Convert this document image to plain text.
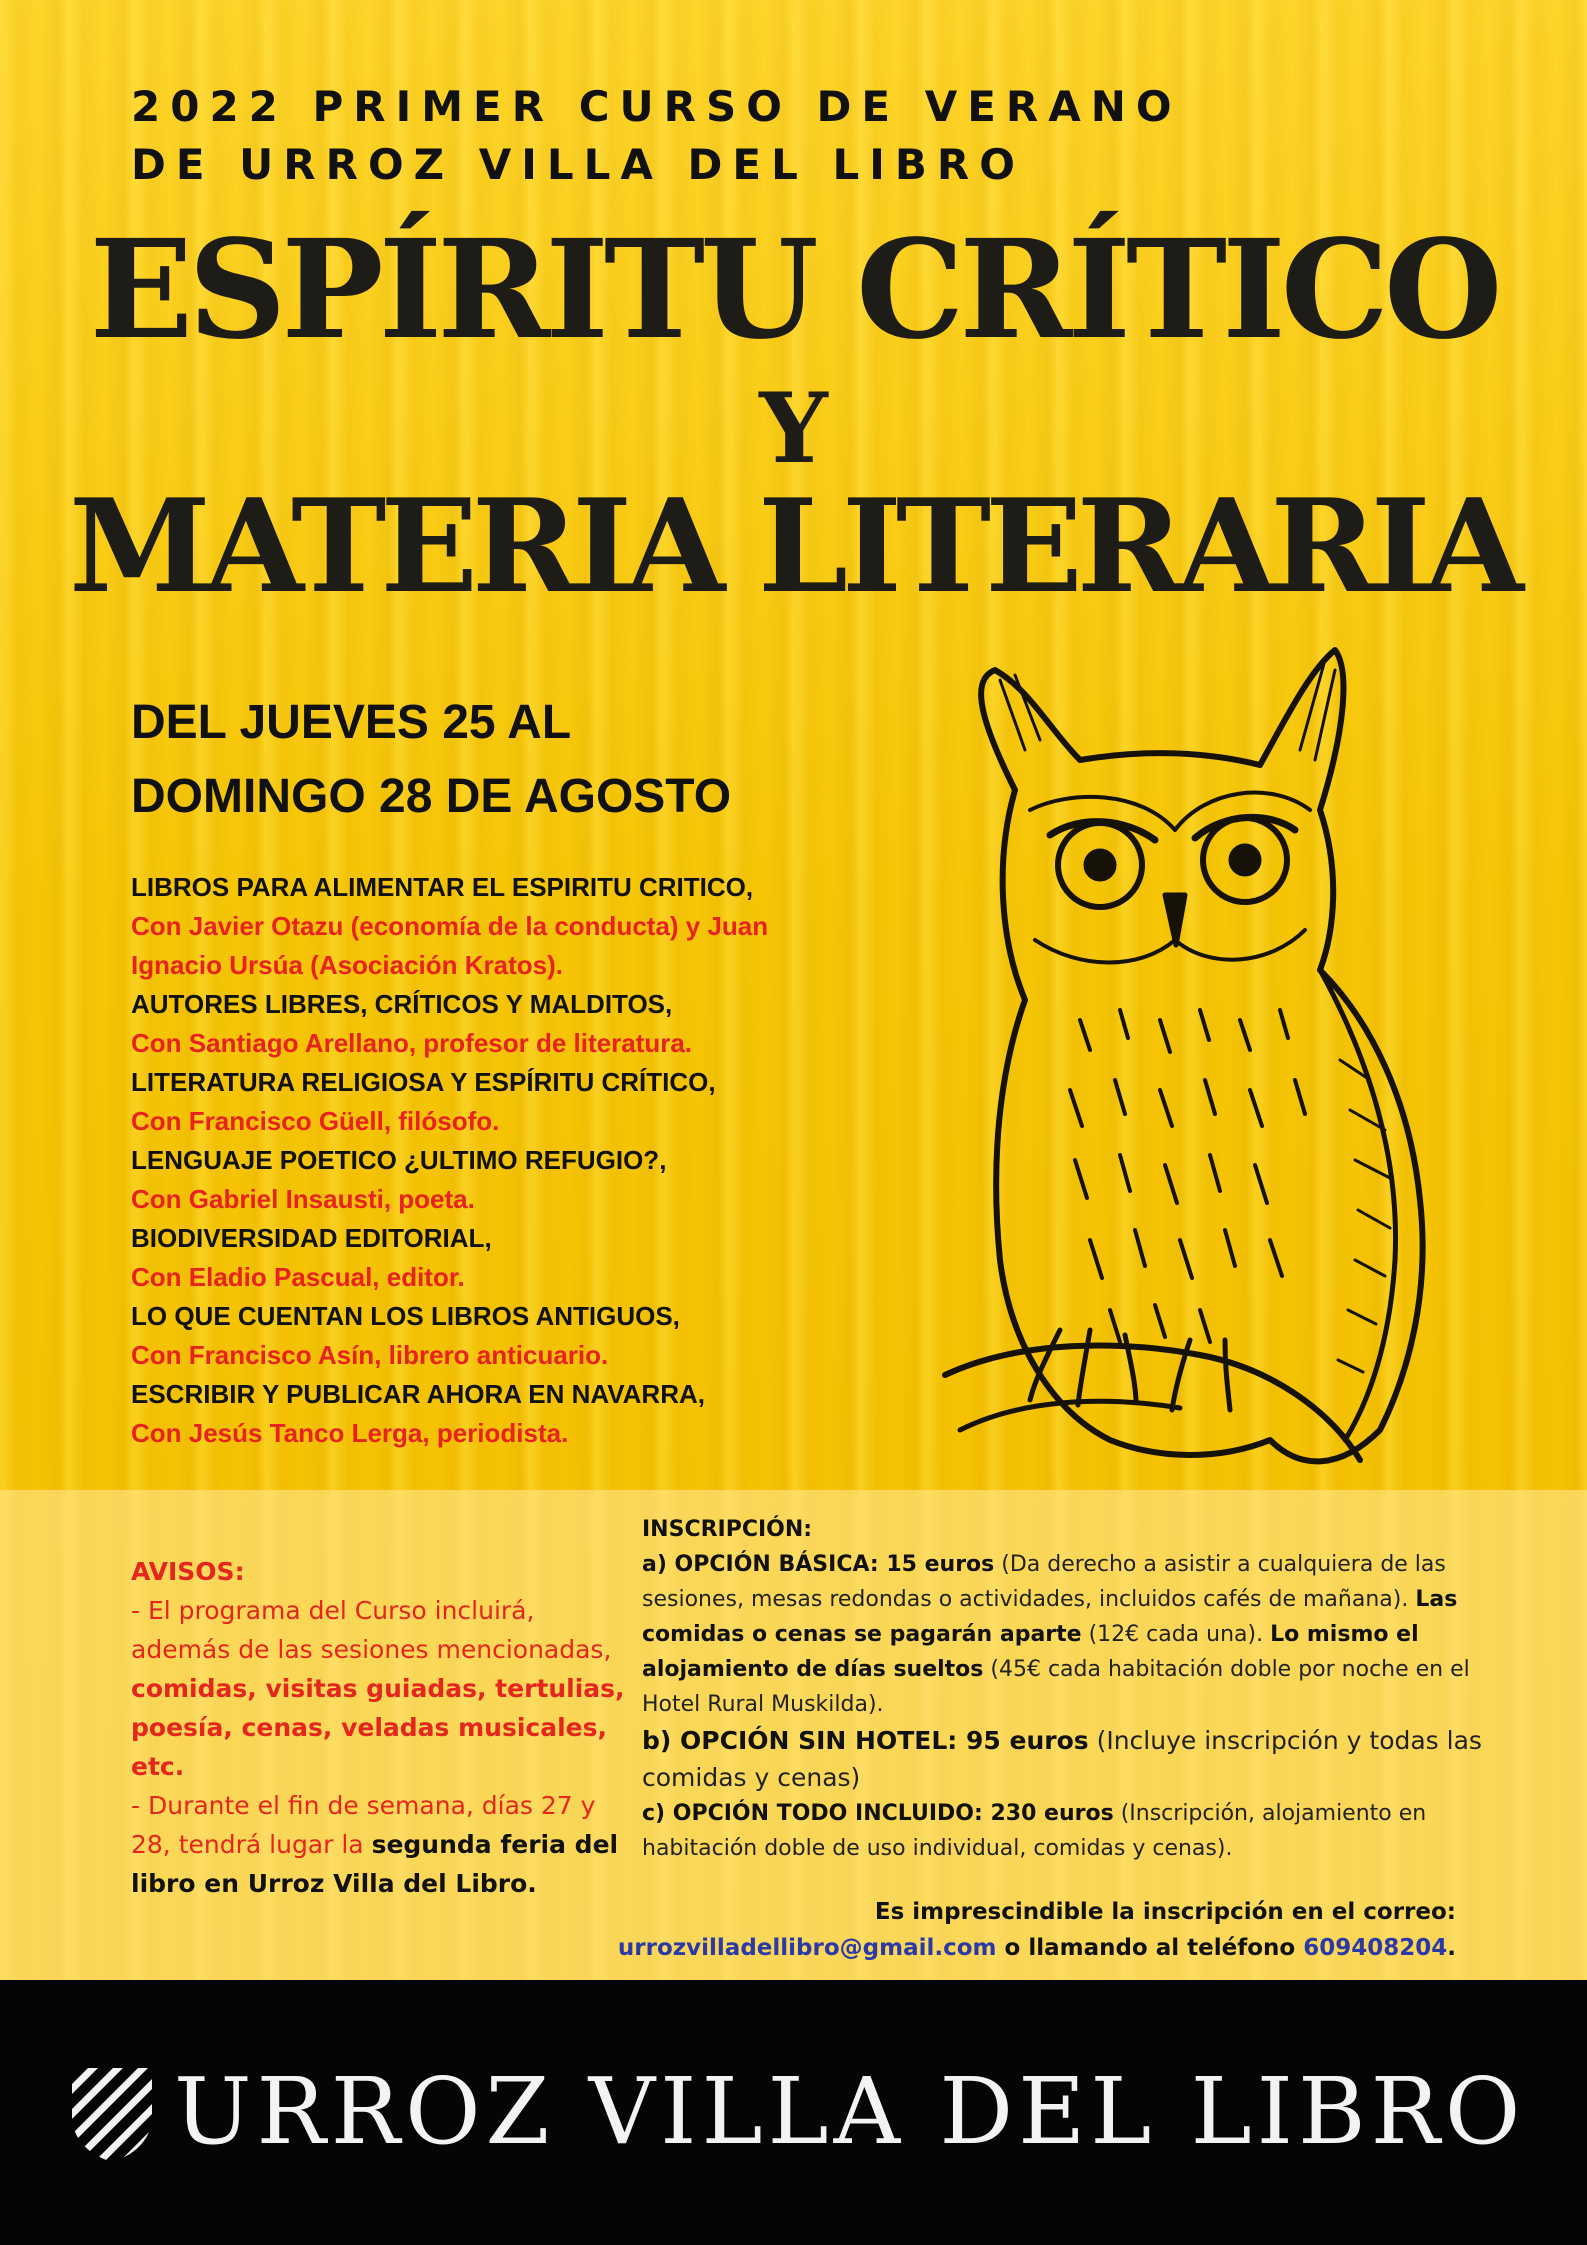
2022 PRIMER CURSO DE VERANO
DE URROZ VILLA DEL LIBRO
ESPÍRITU CRÍTICO
Y
MATERIA LITERARIA
DEL JUEVES 25 AL
DOMINGO 28 DE AGOSTO
LIBROS PARA ALIMENTAR EL ESPIRITU CRITICO,
Con Javier Otazu (economía de la conducta) y Juan Ignacio Ursúa (Asociación Kratos).
AUTORES LIBRES, CRÍTICOS Y MALDITOS,
Con Santiago Arellano, profesor de literatura.
LITERATURA RELIGIOSA Y ESPÍRITU CRÍTICO,
Con Francisco Güell, filósofo.
LENGUAJE POETICO ¿ULTIMO REFUGIO?,
Con Gabriel Insausti, poeta.
BIODIVERSIDAD EDITORIAL,
Con Eladio Pascual, editor.
LO QUE CUENTAN LOS LIBROS ANTIGUOS,
Con Francisco Asín, librero anticuario.
ESCRIBIR Y PUBLICAR AHORA EN NAVARRA,
Con Jesús Tanco Lerga, periodista.

AVISOS:

- El programa del Curso incluirá, además de las sesiones mencionadas, comidas, visitas guiadas, tertulias, poesía, cenas, veladas musicales, etc.

- Durante el fin de semana, días 27 y 28, tendrá lugar la segunda feria del libro en Urroz Villa del Libro.

INSCRIPCIÓN:

a) OPCIÓN BÁSICA: 15 euros (Da derecho a asistir a cualquiera de las sesiones, mesas redondas o actividades, incluidos cafés de mañana). Las comidas o cenas se pagarán aparte (12€ cada una). Lo mismo el alojamiento de días sueltos (45€ cada habitación doble por noche en el Hotel Rural Muskilda).

b) OPCIÓN SIN HOTEL: 95 euros (Incluye inscripción y todas las comidas y cenas)

c) OPCIÓN TODO INCLUIDO: 230 euros (Inscripción, alojamiento en habitación doble de uso individual, comidas y cenas).

Es imprescindible la inscripción en el correo:

urrozvilladellibro@gmail.com o llamando al teléfono 609408204.

URROZ VILLA DEL LIBRO
